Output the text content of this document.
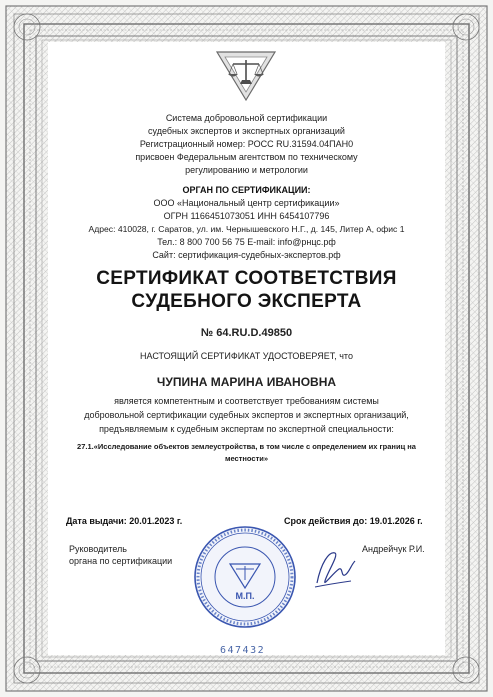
Система добровольной сертификации
судебных экспертов и экспертных организаций
Регистрационный номер: РОСС RU.31594.04ПАН0
присвоен Федеральным агентством по техническому
регулированию и метрологии
ОРГАН ПО СЕРТИФИКАЦИИ:
ООО «Национальный центр сертификации»
ОГРН 1166451073051 ИНН 6454107796
Адрес: 410028, г. Саратов, ул. им. Чернышевского Н.Г., д. 145, Литер А, офис 1
Тел.: 8 800 700 56 75 E-mail: info@рнцс.рф
Сайт: сертификация-судебных-экспертов.рф
СЕРТИФИКАТ СООТВЕТСТВИЯ
СУДЕБНОГО ЭКСПЕРТА
№ 64.RU.D.49850
НАСТОЯЩИЙ СЕРТИФИКАТ УДОСТОВЕРЯЕТ, что
ЧУПИНА МАРИНА ИВАНОВНА
является компетентным и соответствует требованиям системы
добровольной сертификации судебных экспертов и экспертных организаций,
предъявляемым к судебным экспертам по экспертной специальности:
27.1.«Исследование объектов землеустройства, в том числе с определением их границ на
местности»
Дата выдачи: 20.01.2023 г.	Срок действия до: 19.01.2026 г.
Руководитель
органа по сертификации
Андрейчук Р.И.
М.П.
647432
